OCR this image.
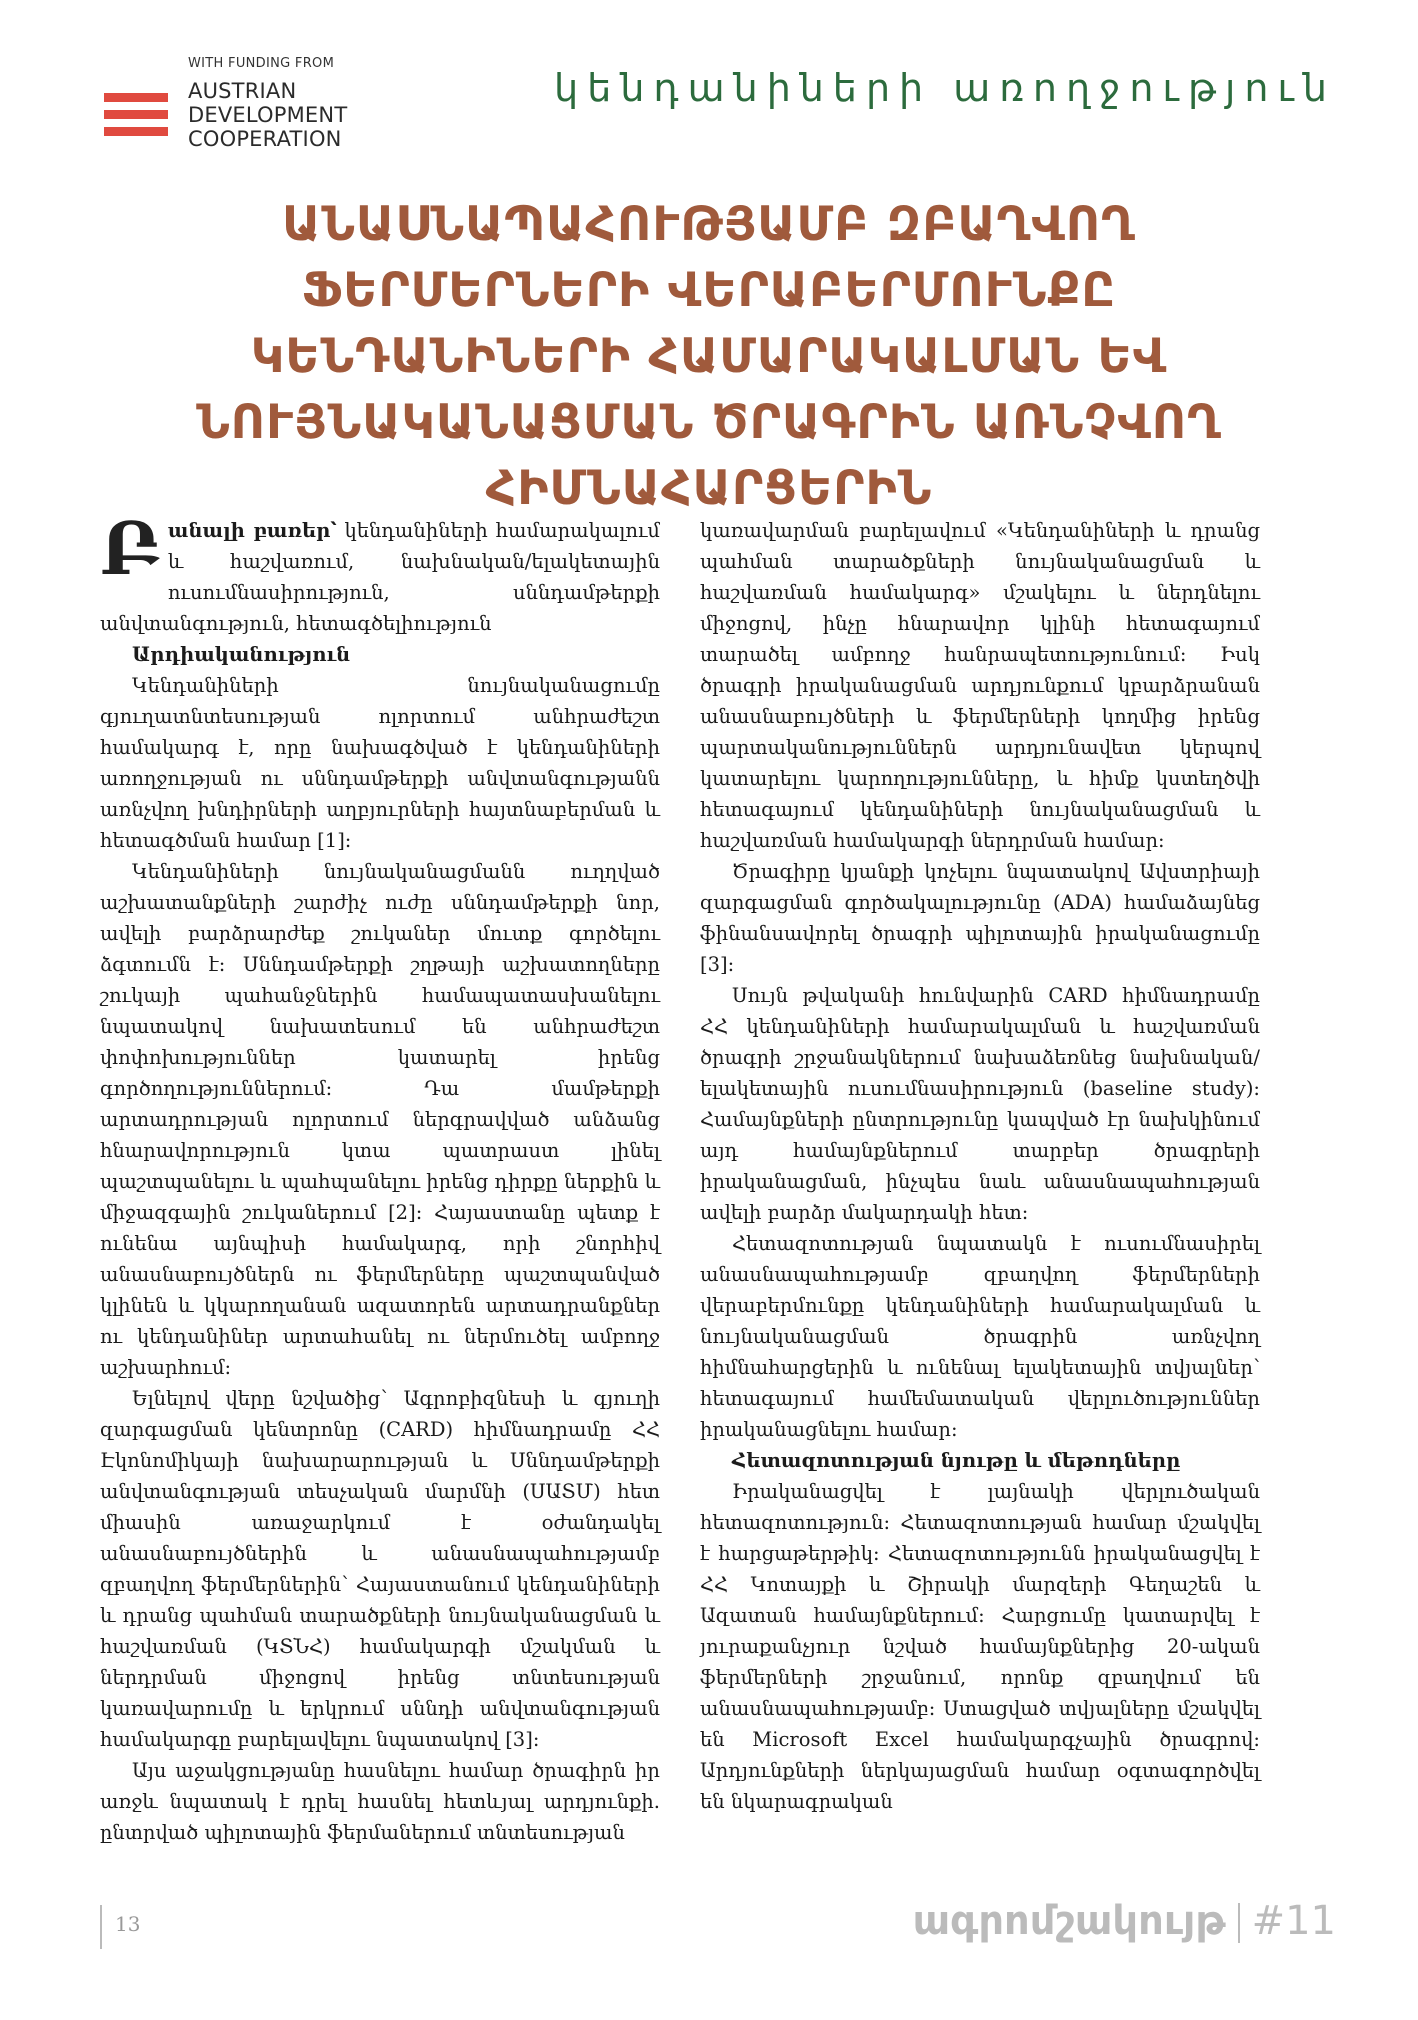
WITH FUNDING FROM
AUSTRIAN
DEVELOPMENT
COOPERATION
կենդանիների առողջություն
ԱՆԱՍՆԱՊԱՀՈՒԹՅԱՄԲ ԶԲԱՂՎՈՂ ՖԵՐՄԵՐՆԵՐԻ ՎԵՐԱԲԵՐՄՈՒՆՔԸ ԿԵՆԴԱՆԻՆԵՐԻ ՀԱՄԱՐԱԿԱԼՄԱՆ ԵՎ ՆՈՒՅՆԱԿԱՆԱՑՄԱՆ ԾՐԱԳՐԻՆ ԱՌՆՉՎՈՂ ՀԻՄՆԱՀԱՐՑԵՐԻՆ

Բանալի բառեր՝ կենդանիների համարակալում և հաշվառում, նախնական/ելակետային ուսումնասիրություն, սննդամթերքի անվտանգություն, հետագծելիություն

Արդիականություն

Կենդանիների նույնականացումը գյուղատնտեսության ոլորտում անհրաժեշտ համակարգ է, որը նախագծված է կենդանիների առողջության ու սննդամթերքի անվտանգությանն առնչվող խնդիրների աղբյուրների հայտնաբերման և հետագծման համար [1]:

Կենդանիների նույնականացմանն ուղղված աշխատանքների շարժիչ ուժը սննդամթերքի նոր, ավելի բարձրարժեք շուկաներ մուտք գործելու ձգտումն է: Սննդամթերքի շղթայի աշխատողները շուկայի պահանջներին համապատասխանելու նպատակով նախատեսում են անհրաժեշտ փոփոխություններ կատարել իրենց գործողություններում: Դա մամթերքի արտադրության ոլորտում ներգրավված անձանց հնարավորություն կտա պատրաստ լինել պաշտպանելու և պահպանելու իրենց դիրքը ներքին և միջազգային շուկաներում [2]: Հայաստանը պետք է ունենա այնպիսի համակարգ, որի շնորհիվ անասնաբույծներն ու ֆերմերները պաշտպանված կլինեն և կկարողանան ազատորեն արտադրանքներ ու կենդանիներ արտահանել ու ներմուծել ամբողջ աշխարհում:

Ելնելով վերը նշվածից՝ Ագրոբիզնեսի և գյուղի զարգացման կենտրոնը (CARD) հիմնադրամը ՀՀ Էկոնոմիկայի նախարարության և Սննդամթերքի անվտանգության տեսչական մարմնի (ՍԱՏՄ) հետ միասին առաջարկում է օժանդակել անասնաբույծներին և անասնապահությամբ զբաղվող ֆերմերներին՝ Հայաստանում կենդանիների և դրանց պահման տարածքների նույնականացման և հաշվառման (ԿՏՆՀ) համակարգի մշակման և ներդրման միջոցով իրենց տնտեսության կառավարումը և երկրում սննդի անվտանգության համակարգը բարելավելու նպատակով [3]:

Այս աջակցությանը հասնելու համար ծրագիրն իր առջև նպատակ է դրել հասնել հետևյալ արդյունքի. ընտրված պիլոտային ֆերմաներում տնտեսության

կառավարման բարելավում «Կենդանիների և դրանց պահման տարածքների նույնականացման և հաշվառման համակարգ» մշակելու և ներդնելու միջոցով, ինչը հնարավոր կլինի հետագայում տարածել ամբողջ հանրապետությունում: Իսկ ծրագրի իրականացման արդյունքում կբարձրանան անասնաբույծների և ֆերմերների կողմից իրենց պարտականություններն արդյունավետ կերպով կատարելու կարողությունները, և հիմք կստեղծվի հետագայում կենդանիների նույնականացման և հաշվառման համակարգի ներդրման համար:

Ծրագիրը կյանքի կոչելու նպատակով Ավստրիայի զարգացման գործակալությունը (ADA) համաձայնեց ֆինանսավորել ծրագրի պիլոտային իրականացումը [3]:

Սույն թվականի հունվարին CARD հիմնադրամը ՀՀ կենդանիների համարակալման և հաշվառման ծրագրի շրջանակներում նախաձեռնեց նախնական/ելակետային ուսումնասիրություն (baseline study): Համայնքների ընտրությունը կապված էր նախկինում այդ համայնքներում տարբեր ծրագրերի իրականացման, ինչպես նաև անասնապահության ավելի բարձր մակարդակի հետ:

Հետազոտության նպատակն է ուսումնասիրել անասնապահությամբ զբաղվող ֆերմերների վերաբերմունքը կենդանիների համարակալման և նույնականացման ծրագրին առնչվող հիմնահարցերին և ունենալ ելակետային տվյալներ՝ հետագայում համեմատական վերլուծություններ իրականացնելու համար:

Հետազոտության նյութը և մեթոդները

Իրականացվել է լայնակի վերլուծական հետազոտություն: Հետազոտության համար մշակվել է հարցաթերթիկ: Հետազոտությունն իրականացվել է ՀՀ Կոտայքի և Շիրակի մարզերի Գեղաշեն և Ազատան համայնքներում: Հարցումը կատարվել է յուրաքանչյուր նշված համայնքներից 20-ական ֆերմերների շրջանում, որոնք զբաղվում են անասնապահությամբ: Ստացված տվյալները մշակվել են Microsoft Excel համակարգչային ծրագրով: Արդյունքների ներկայացման համար օգտագործվել են նկարագրական

13	ագրոմշակույթ #11
